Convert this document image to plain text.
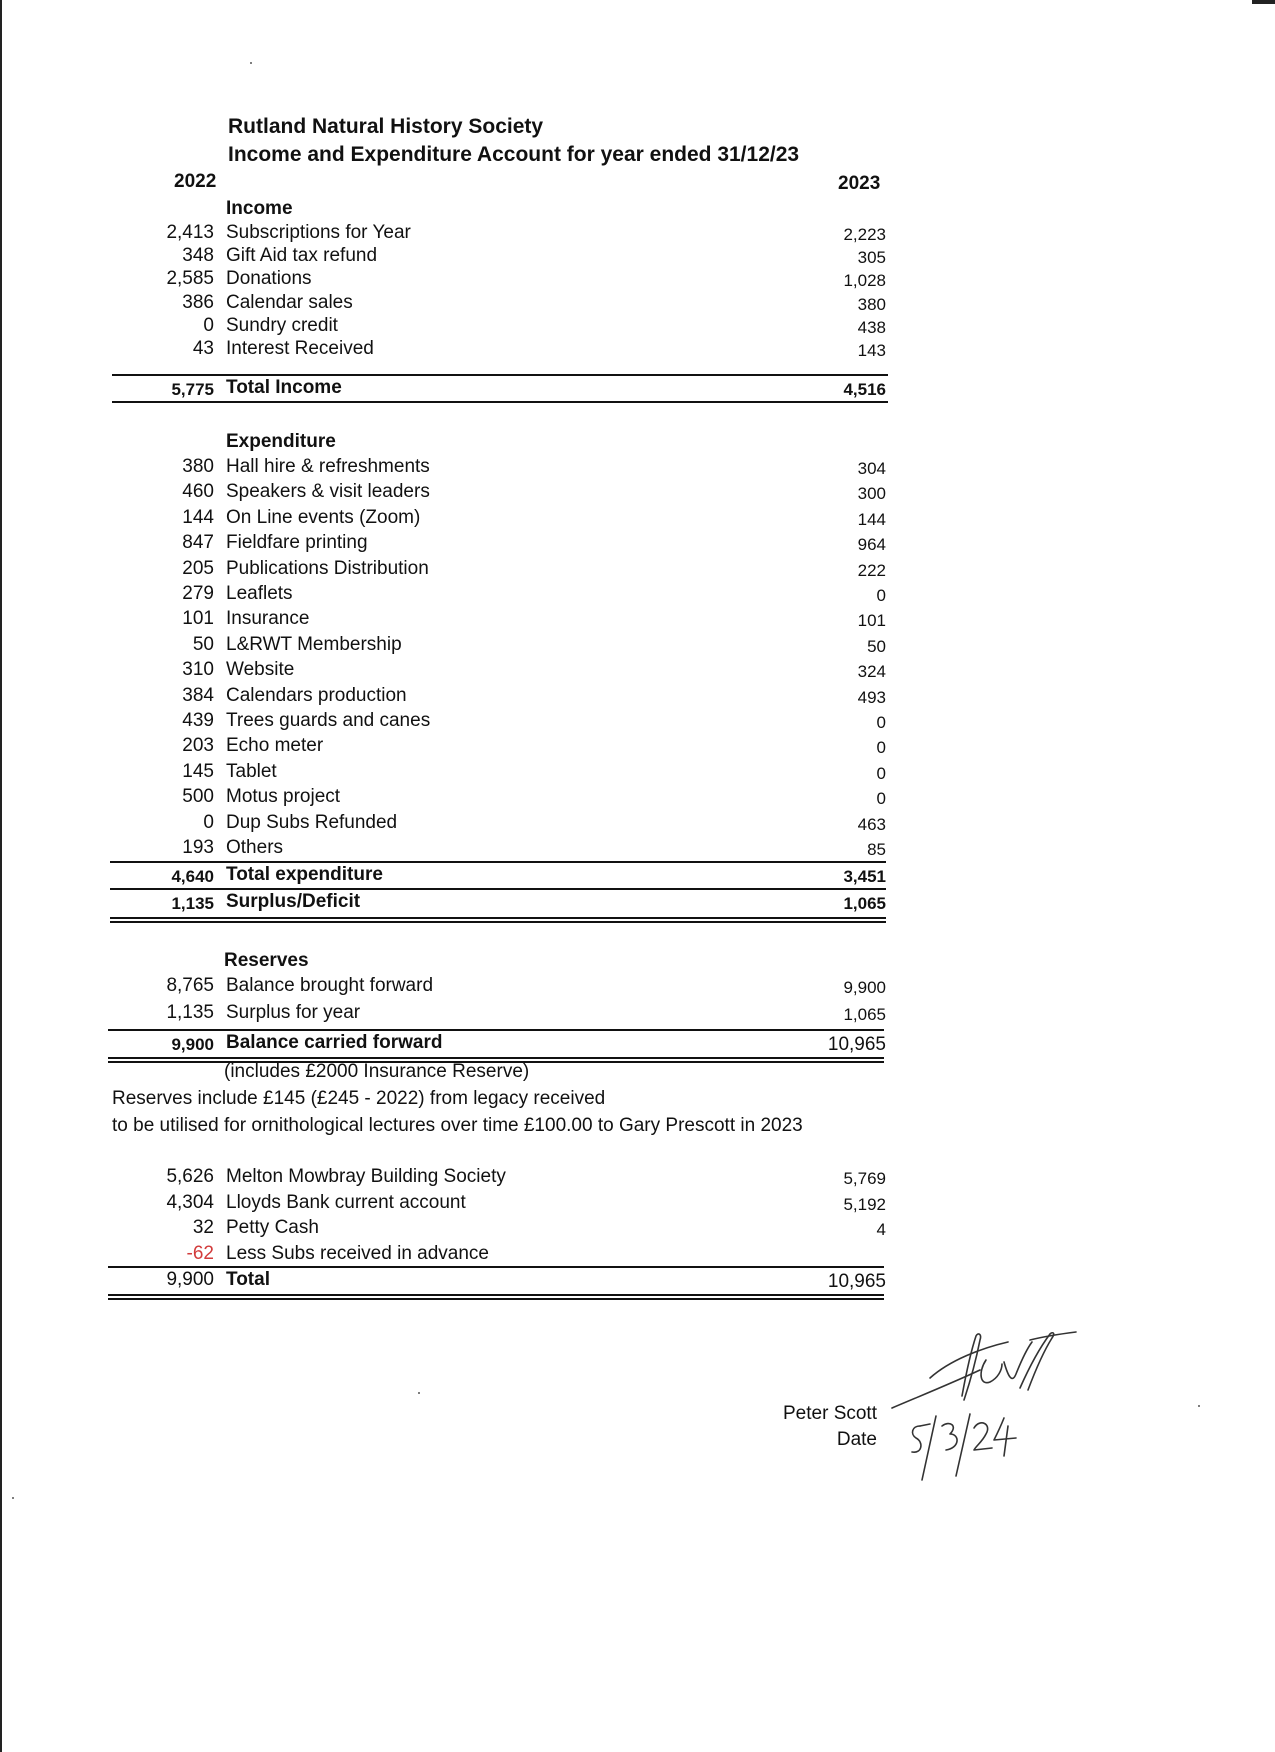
Rutland Natural History Society
Income and Expenditure Account for year ended 31/12/23
2022	2023
Income
2,413 Subscriptions for Year	2,223
348 Gift Aid tax refund	305
2,585 Donations	1,028
386 Calendar sales	380
0 Sundry credit	438
43 Interest Received	143
5,775 Total Income	4,516
Expenditure
380 Hall hire & refreshments	304
460 Speakers & visit leaders	300
144 On Line events (Zoom)	144
847 Fieldfare printing	964
205 Publications Distribution	222
279 Leaflets	0
101 Insurance	101
50 L&RWT Membership	50
310 Website	324
384 Calendars production	493
439 Trees guards and canes	0
203 Echo meter	0
145 Tablet	0
500 Motus project	0
0 Dup Subs Refunded	463
193 Others	85
4,640 Total expenditure	3,451
1,135 Surplus/Deficit	1,065
Reserves
8,765 Balance brought forward	9,900
1,135 Surplus for year	1,065
9,900 Balance carried forward	10,965
(includes £2000 Insurance Reserve)
Reserves include £145 (£245 - 2022) from legacy received
to be utilised for ornithological lectures over time £100.00 to Gary Prescott in 2023
5,626 Melton Mowbray Building Society	5,769
4,304 Lloyds Bank current account	5,192
32 Petty Cash	4
-62 Less Subs received in advance
9,900 Total	10,965
Peter Scott
Date
